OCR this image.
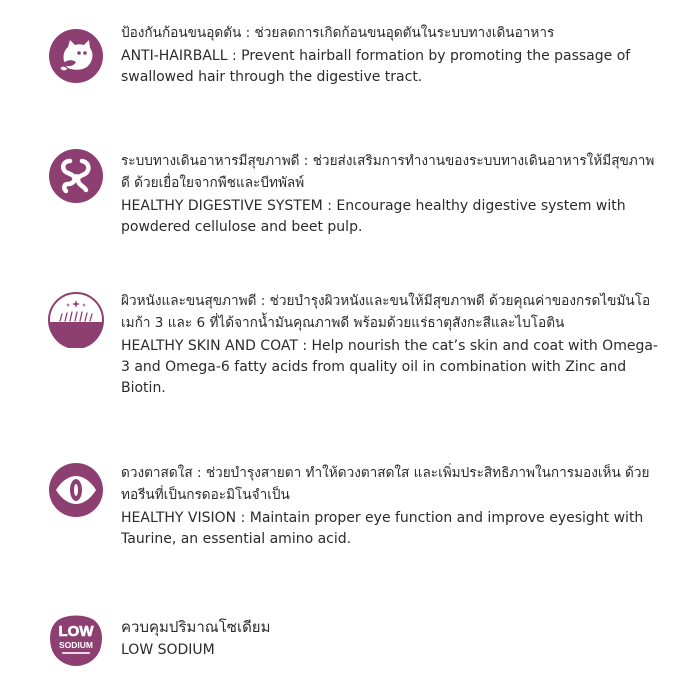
ป้องกันก้อนขนอุดตัน : ช่วยลดการเกิดก้อนขนอุดตันในระบบทางเดินอาหาร

ANTI-HAIRBALL : Prevent hairball formation by promoting the passage of swallowed hair through the digestive tract.

ระบบทางเดินอาหารมีสุขภาพดี : ช่วยส่งเสริมการทำงานของระบบทางเดินอาหารให้มีสุขภาพดี ด้วยเยื่อใยจากพืชและบีทพัลพ์

HEALTHY DIGESTIVE SYSTEM : Encourage healthy digestive system with powdered cellulose and beet pulp.

ผิวหนังและขนสุขภาพดี : ช่วยบำรุงผิวหนังและขนให้มีสุขภาพดี ด้วยคุณค่าของกรดไขมันโอเมก้า 3 และ 6 ที่ได้จากน้ำมันคุณภาพดี พร้อมด้วยแร่ธาตุสังกะสีและไบโอติน

HEALTHY SKIN AND COAT : Help nourish the cat’s skin and coat with Omega-3 and Omega-6 fatty acids from quality oil in combination with Zinc and Biotin.

ดวงตาสดใส : ช่วยบำรุงสายตา ทำให้ดวงตาสดใส และเพิ่มประสิทธิภาพในการมองเห็น ด้วยทอรีนที่เป็นกรดอะมิโนจำเป็น

HEALTHY VISION : Maintain proper eye function and improve eyesight with Taurine, an essential amino acid.

LOW
SODIUM

ควบคุมปริมาณโซเดียม

LOW SODIUM
